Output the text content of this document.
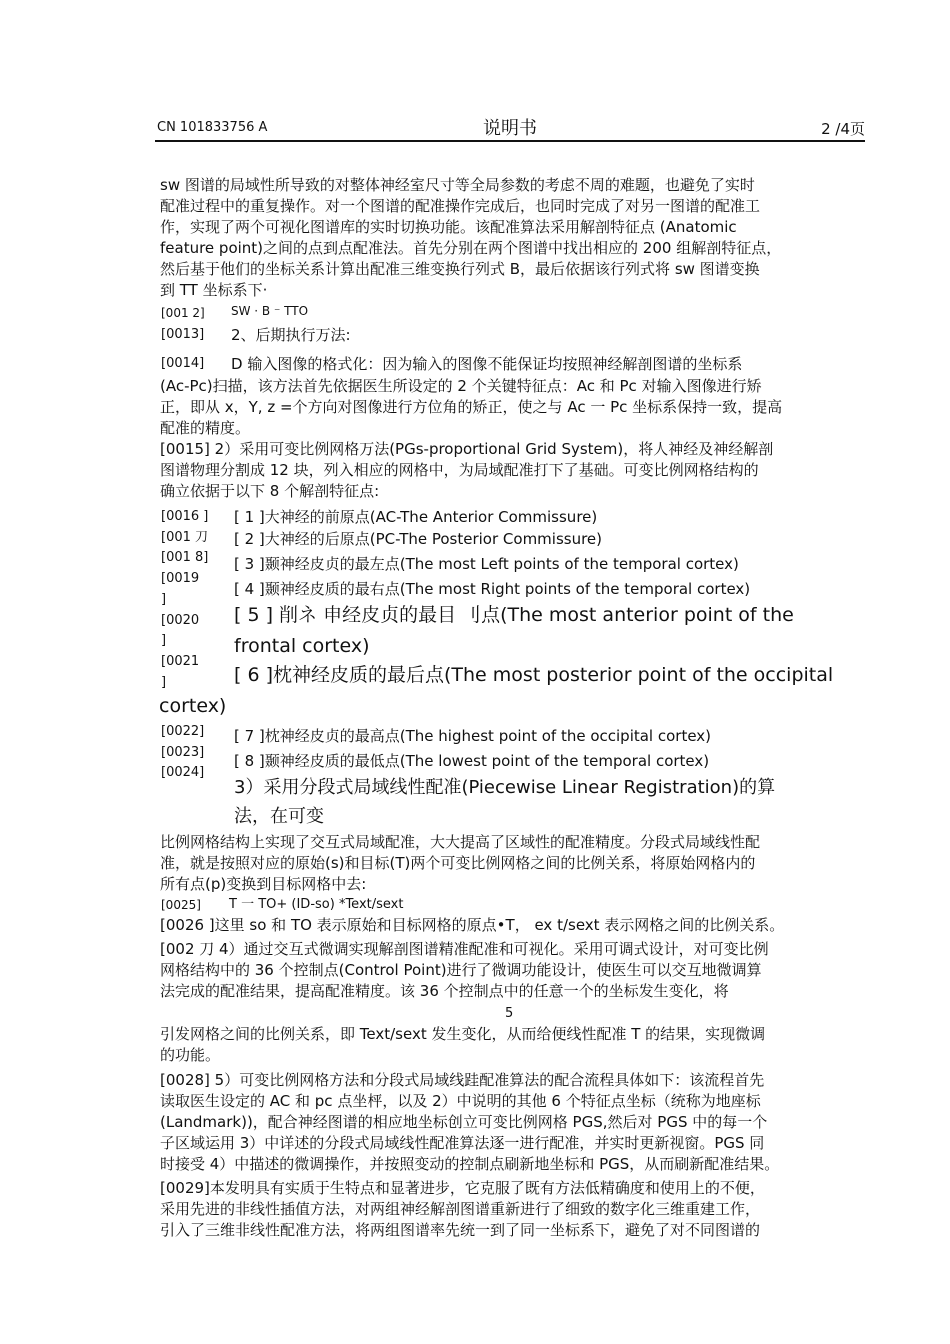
CN 101833756 A	说明书	2 /4页
sw 图谱的局域性所导致的对整体神经室尺寸等全局参数的考虑不周的难题，也避免了实时
配准过程中的重复操作。对一个图谱的配准操作完成后，也同时完成了对另一图谱的配准工
作，实现了两个可视化图谱库的实时切换功能。该配准算法采用解剖特征点 (Anatomic
feature point)之间的点到点配准法。首先分别在两个图谱中找出相应的 200 组解剖特征点，
然后基于他们的坐标关系计算出配准三维变换行列式 B，最后依据该行列式将 sw 图谱变换
到 TT 坐标系下·
[001 2] SW · B ⁻ TTO
[0013] 2、后期执行万法:
[0014] D 输入图像的格式化：因为输入的图像不能保证均按照神经解剖图谱的坐标系
(Ac-Pc)扫描，该方法首先依据医生所设定的 2 个关键特征点：Ac 和 Pc 对输入图像进行矫
正，即从 x，Y, z =个方向对图像进行方位角的矫正，使之与 Ac 一 Pc 坐标系保持一致，提高
配准的精度。
[0015] 2）采用可变比例网格万法(PGs-proportional Grid System)，将人神经及神经解剖
图谱物理分割成 12 块，列入相应的网格中，为局域配准打下了基础。可变比例网格结构的
确立依据于以下 8 个解剖特征点:
[0016 ]
[001 刀
[001 8]
[0019
]
[0020
]
[0021
]
[0022]
[0023]
[0024]
[ 1 ]大神经的前原点(AC-The Anterior Commissure)
[ 2 ]大神经的后原点(PC-The Posterior Commissure)
[ 3 ]颞神经皮贞的最左点(The most Left points of the temporal cortex)
[ 4 ]颞神经皮质的最右点(The most Right points of the temporal cortex)
[ 5 ] 削ネ 申经皮贞的最目 刂点(The most anterior point of the
frontal cortex)
[ 6 ]枕神经皮质的最后点(The most posterior point of the occipital
cortex)
[ 7 ]枕神经皮贞的最高点(The highest point of the occipital cortex)
[ 8 ]颞神经皮质的最低点(The lowest point of the temporal cortex)
3）采用分段式局域线性配准(Piecewise Linear Registration)的算
法，在可变
比例网格结构上实现了交互式局域配准，大大提高了区域性的配准精度。分段式局域线性配
准，就是按照对应的原始(s)和目标(T)两个可变比例网格之间的比例关系，将原始网格内的
所有点(p)变换到目标网格中去:
[0025] T 一 TO+ (ID-so) *Text/sext
[0026 ]这里 so 和 TO 表示原始和目标网格的原点•T， ex t/sext 表示网格之间的比例关系。
[002 刀 4）通过交互式微调实现解剖图谱精准配准和可视化。采用可调式设计，对可变比例
网格结构中的 36 个控制点(Control Point)进行了微调功能设计，使医生可以交互地微调算
法完成的配准结果，提高配准精度。该 36 个控制点中的任意一个的坐标发生变化，将
5
引发网格之间的比例关系，即 Text/sext 发生变化，从而给便线性配准 T 的结果，实现微调
的功能。
[0028] 5）可变比例网格方法和分段式局域线跬配准算法的配合流程具体如下：该流程首先
读取医生设定的 AC 和 pc 点坐枰，以及 2）中说明的其他 6 个特征点坐标（统称为地座标
(Landmark))，配合神经图谱的相应地坐标创立可变比例网格 PGS,然后对 PGS 中的每一个
子区域运用 3）中详述的分段式局域线性配准算法逐一进行配准，并实时更新视窗。PGS 同
时接受 4）中描述的微调操作，并按照变动的控制点刷新地坐标和 PGS，从而刷新配准结果。
[0029]本发明具有实质于生特点和显著进步，它克服了既有方法低精确度和使用上的不便，
采用先进的非线性插值方法，对两组神经解剖图谱重新进行了细致的数字化三维重建工作，
引入了三维非线性配准方法，将两组图谱率先统一到了同一坐标系下，避免了对不同图谱的
